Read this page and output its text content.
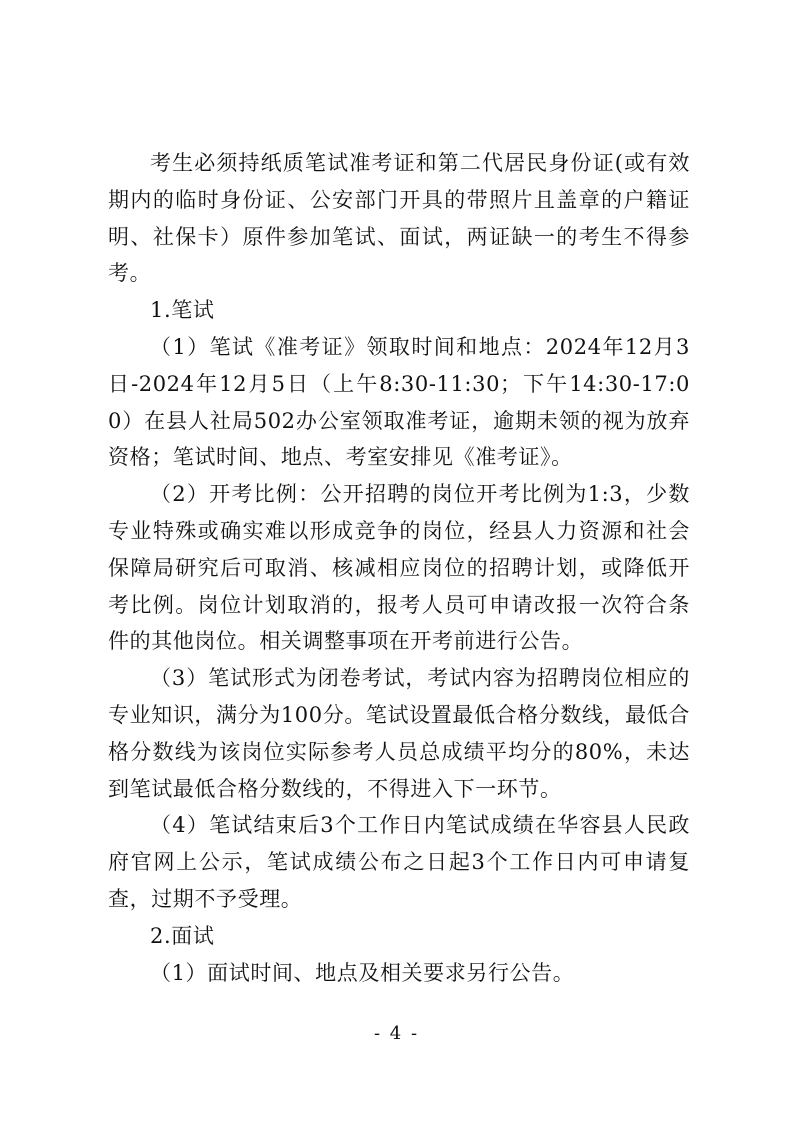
考生必须持纸质笔试准考证和第二代居民身份证(或有效期内的临时身份证、公安部门开具的带照片且盖章的户籍证明、社保卡）原件参加笔试、面试，两证缺一的考生不得参考。

1.笔试

（1）笔试《准考证》领取时间和地点：2024年12月3日-2024年12月5日（上午8:30-11:30；下午14:30-17:00）在县人社局502办公室领取准考证，逾期未领的视为放弃资格；笔试时间、地点、考室安排见《准考证》。

（2）开考比例：公开招聘的岗位开考比例为1:3，少数专业特殊或确实难以形成竞争的岗位，经县人力资源和社会保障局研究后可取消、核减相应岗位的招聘计划，或降低开考比例。岗位计划取消的，报考人员可申请改报一次符合条件的其他岗位。相关调整事项在开考前进行公告。

（3）笔试形式为闭卷考试，考试内容为招聘岗位相应的专业知识，满分为100分。笔试设置最低合格分数线，最低合格分数线为该岗位实际参考人员总成绩平均分的80%，未达到笔试最低合格分数线的，不得进入下一环节。

（4）笔试结束后3个工作日内笔试成绩在华容县人民政府官网上公示，笔试成绩公布之日起3个工作日内可申请复查，过期不予受理。

2.面试

（1）面试时间、地点及相关要求另行公告。

- 4 -
